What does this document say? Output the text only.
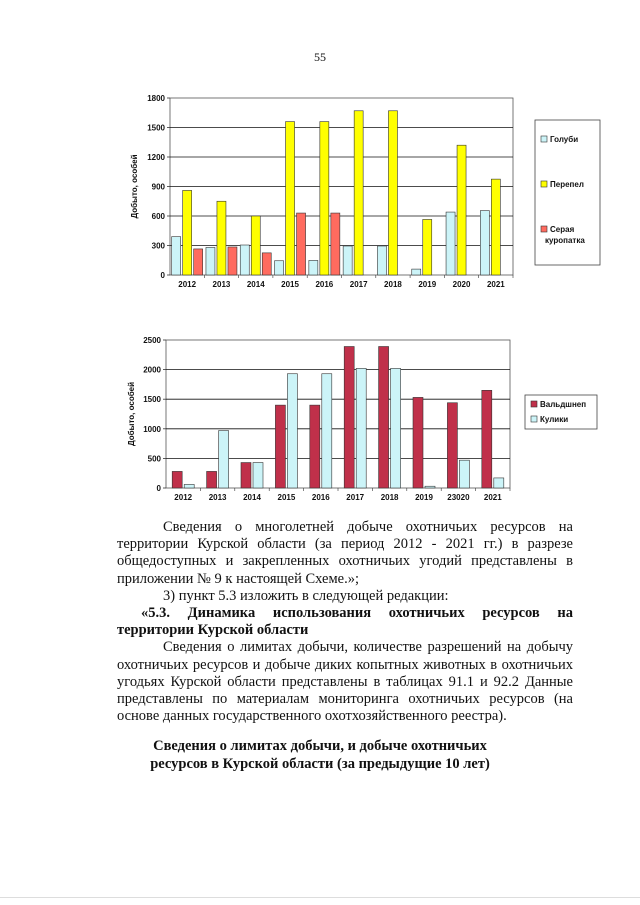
55
0
300
600
900
1200
1500
1800
2012 2013 2014 2015 2016 2017 2018 2019 2020 2021
Добыто, особей
Голуби
Перепел
Серая куропатка
0
500
1000
1500
2000
2500
2012 2013 2014 2015 2016 2017 2018 2019 23020 2021
Добыто, особей	Вальдшнеп
Кулики

Сведения о многолетней добыче охотничьих ресурсов на территории Курской области (за период 2012 - 2021 гг.) в разрезе общедоступных и закрепленных охотничьих угодий представлены в приложении № 9 к настоящей Схеме.»;

3) пункт 5.3 изложить в следующей редакции:

«5.3. Динамика использования охотничьих ресурсов на

территории Курской области

Сведения о лимитах добычи, количестве разрешений на добычу охотничьих ресурсов и добыче диких копытных животных в охотничьих угодьях Курской области представлены в таблицах 91.1 и 92.2 Данные представлены по материалам мониторинга охотничьих ресурсов (на основе данных государственного охотхозяйственного реестра).

Сведения о лимитах добычи, и добыче охотничьих ресурсов в Курской области (за предыдущие 10 лет)
